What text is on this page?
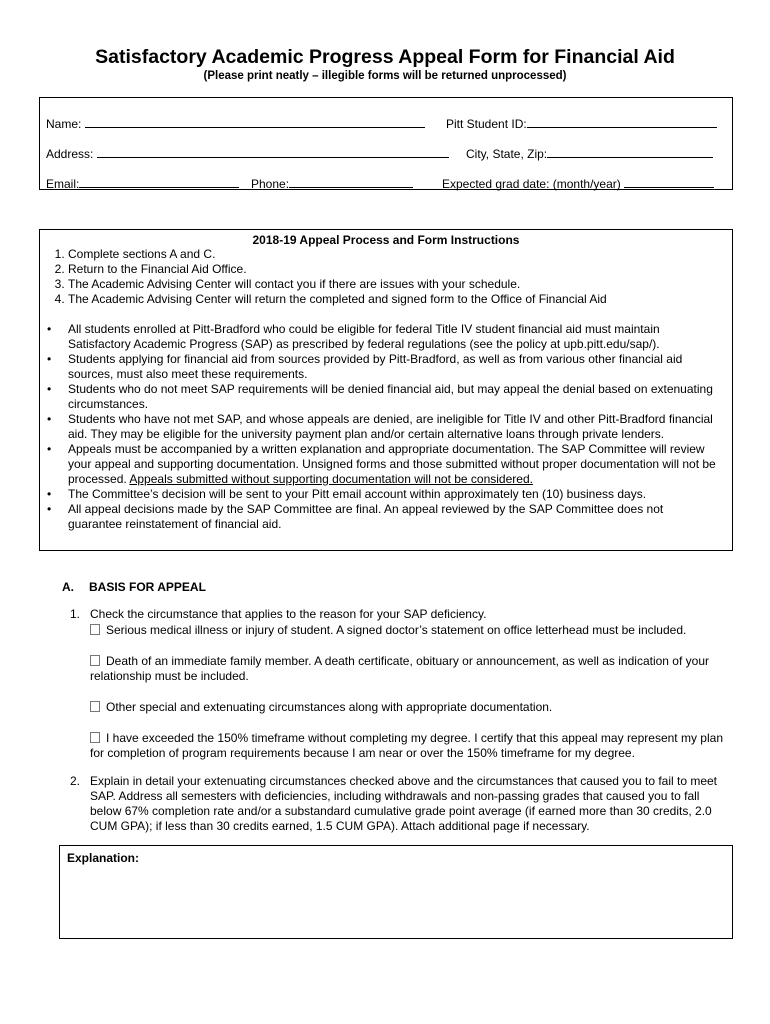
Satisfactory Academic Progress Appeal Form for Financial Aid
(Please print neatly – illegible forms will be returned unprocessed)
Name:	Pitt Student ID:
Address:	City, State, Zip:
Email:	Phone:	Expected grad date: (month/year)
2018-19 Appeal Process and Form Instructions
1. Complete sections A and C.
2. Return to the Financial Aid Office.
3. The Academic Advising Center will contact you if there are issues with your schedule.
4. The Academic Advising Center will return the completed and signed form to the Office of Financial Aid
• All students enrolled at Pitt-Bradford who could be eligible for federal Title IV student financial aid must maintain Satisfactory Academic Progress (SAP) as prescribed by federal regulations (see the policy at upb.pitt.edu/sap/).
• Students applying for financial aid from sources provided by Pitt-Bradford, as well as from various other financial aid sources, must also meet these requirements.
• Students who do not meet SAP requirements will be denied financial aid, but may appeal the denial based on extenuating circumstances.
• Students who have not met SAP, and whose appeals are denied, are ineligible for Title IV and other Pitt-Bradford financial aid. They may be eligible for the university payment plan and/or certain alternative loans through private lenders.
• Appeals must be accompanied by a written explanation and appropriate documentation. The SAP Committee will review your appeal and supporting documentation. Unsigned forms and those submitted without proper documentation will not be processed. Appeals submitted without supporting documentation will not be considered.
• The Committee’s decision will be sent to your Pitt email account within approximately ten (10) business days.
• All appeal decisions made by the SAP Committee are final. An appeal reviewed by the SAP Committee does not guarantee reinstatement of financial aid.
A. BASIS FOR APPEAL
1. Check the circumstance that applies to the reason for your SAP deficiency.
Serious medical illness or injury of student. A signed doctor’s statement on office letterhead must be included.
Death of an immediate family member. A death certificate, obituary or announcement, as well as indication of your relationship must be included.
Other special and extenuating circumstances along with appropriate documentation.
I have exceeded the 150% timeframe without completing my degree. I certify that this appeal may represent my plan for completion of program requirements because I am near or over the 150% timeframe for my degree.
2. Explain in detail your extenuating circumstances checked above and the circumstances that caused you to fail to meet SAP. Address all semesters with deficiencies, including withdrawals and non-passing grades that caused you to fall below 67% completion rate and/or a substandard cumulative grade point average (if earned more than 30 credits, 2.0 CUM GPA); if less than 30 credits earned, 1.5 CUM GPA). Attach additional page if necessary.
Explanation:
